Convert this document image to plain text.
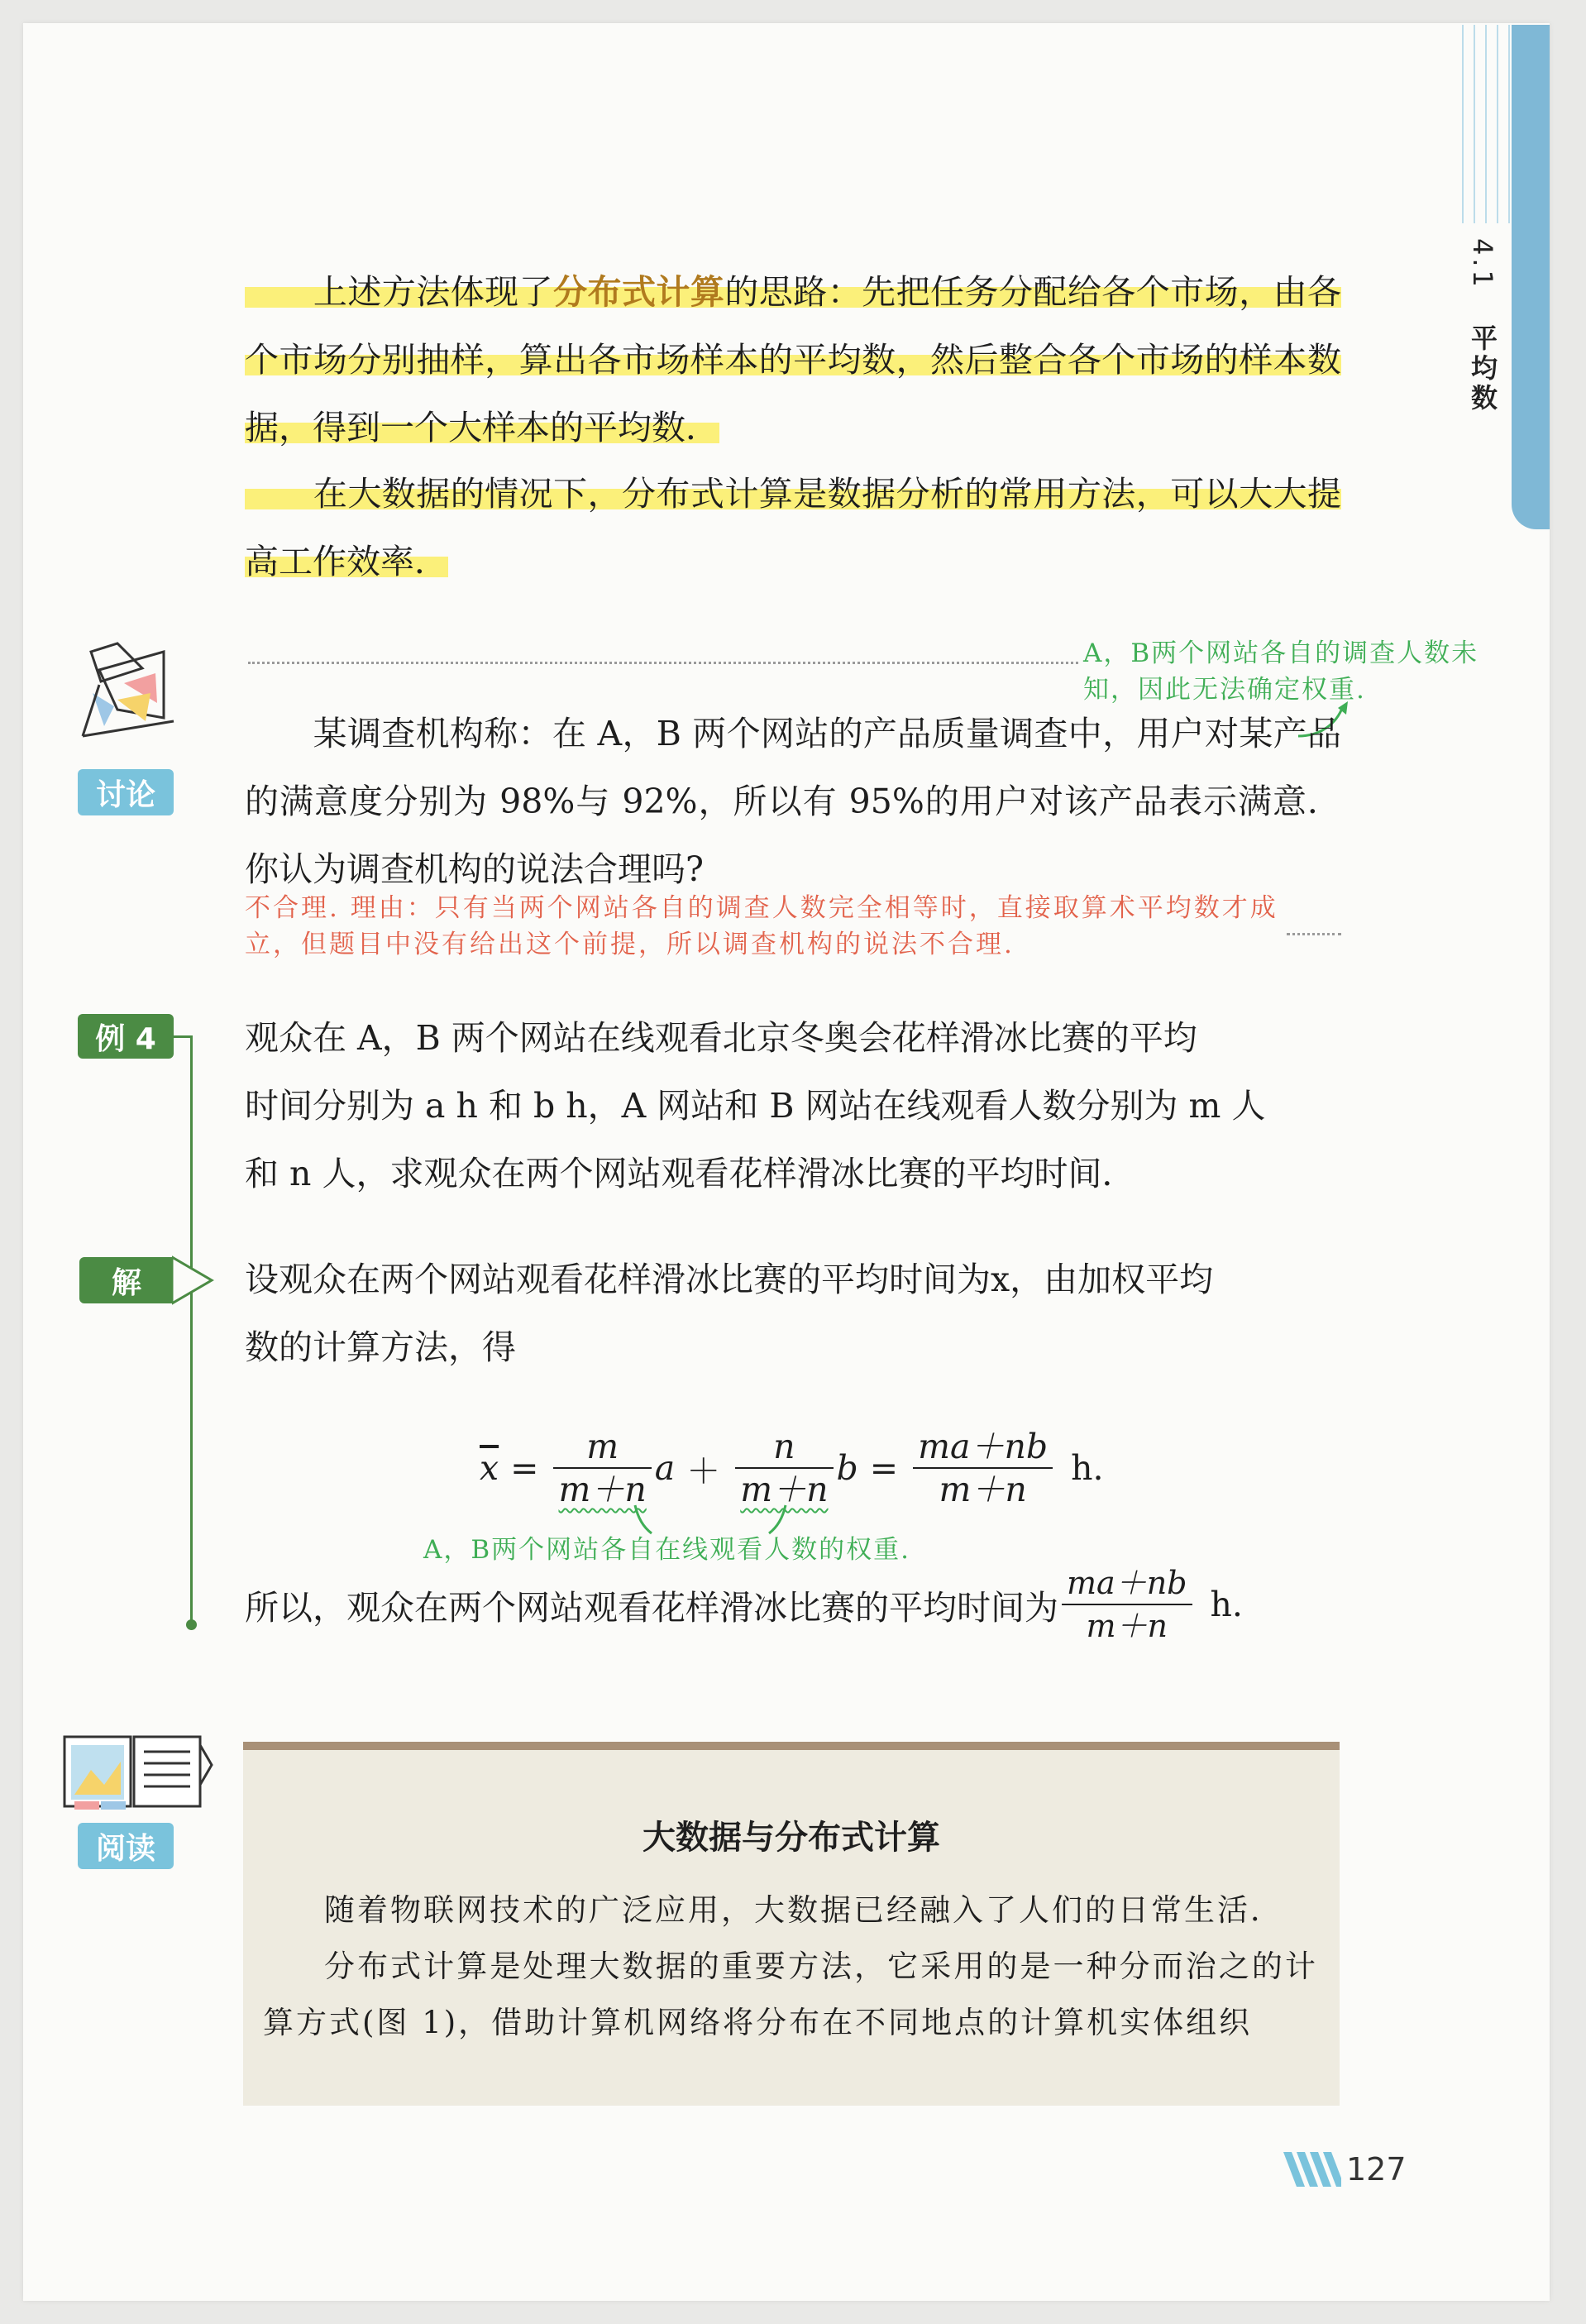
4.1 平均数
　　上述方法体现了分布式计算的思路：先把任务分配给各个市场，由各个市场分别抽样，算出各市场样本的平均数，然后整合各个市场的样本数据，得到一个大样本的平均数．
　　在大数据的情况下，分布式计算是数据分析的常用方法，可以大大提高工作效率．
讨论
A，B两个网站各自的调查人数未知，因此无法确定权重.
　　某调查机构称：在 A，B 两个网站的产品质量调查中，用户对某产品的满意度分别为 98%与 92%，所以有 95%的用户对该产品表示满意．你认为调查机构的说法合理吗?
不合理. 理由：只有当两个网站各自的调查人数完全相等时，直接取算术平均数才成立，但题目中没有给出这个前提，所以调查机构的说法不合理.
例 4	观众在 A，B 两个网站在线观看北京冬奥会花样滑冰比赛的平均
时间分别为 a h 和 b h，A 网站和 B 网站在线观看人数分别为 m 人
和 n 人，求观众在两个网站观看花样滑冰比赛的平均时间．
解	设观众在两个网站观看花样滑冰比赛的平均时间为x，由加权平均
数的计算方法，得
$\overline{x} = \frac{m}{m+n}$ $a + \frac{n}{m+n}$ $b = \frac{ma+nb}{m+n} h$.
A，B两个网站各自在线观看人数的权重.
所以，观众在两个网站观看花样滑冰比赛的平均时间为 $\frac{ma+nb}{m+n} h$.
阅读	大数据与分布式计算
随着物联网技术的广泛应用，大数据已经融入了人们的日常生活．
分布式计算是处理大数据的重要方法，它采用的是一种分而治之的计算方式(图 1)，借助计算机网络将分布在不同地点的计算机实体组织
127
